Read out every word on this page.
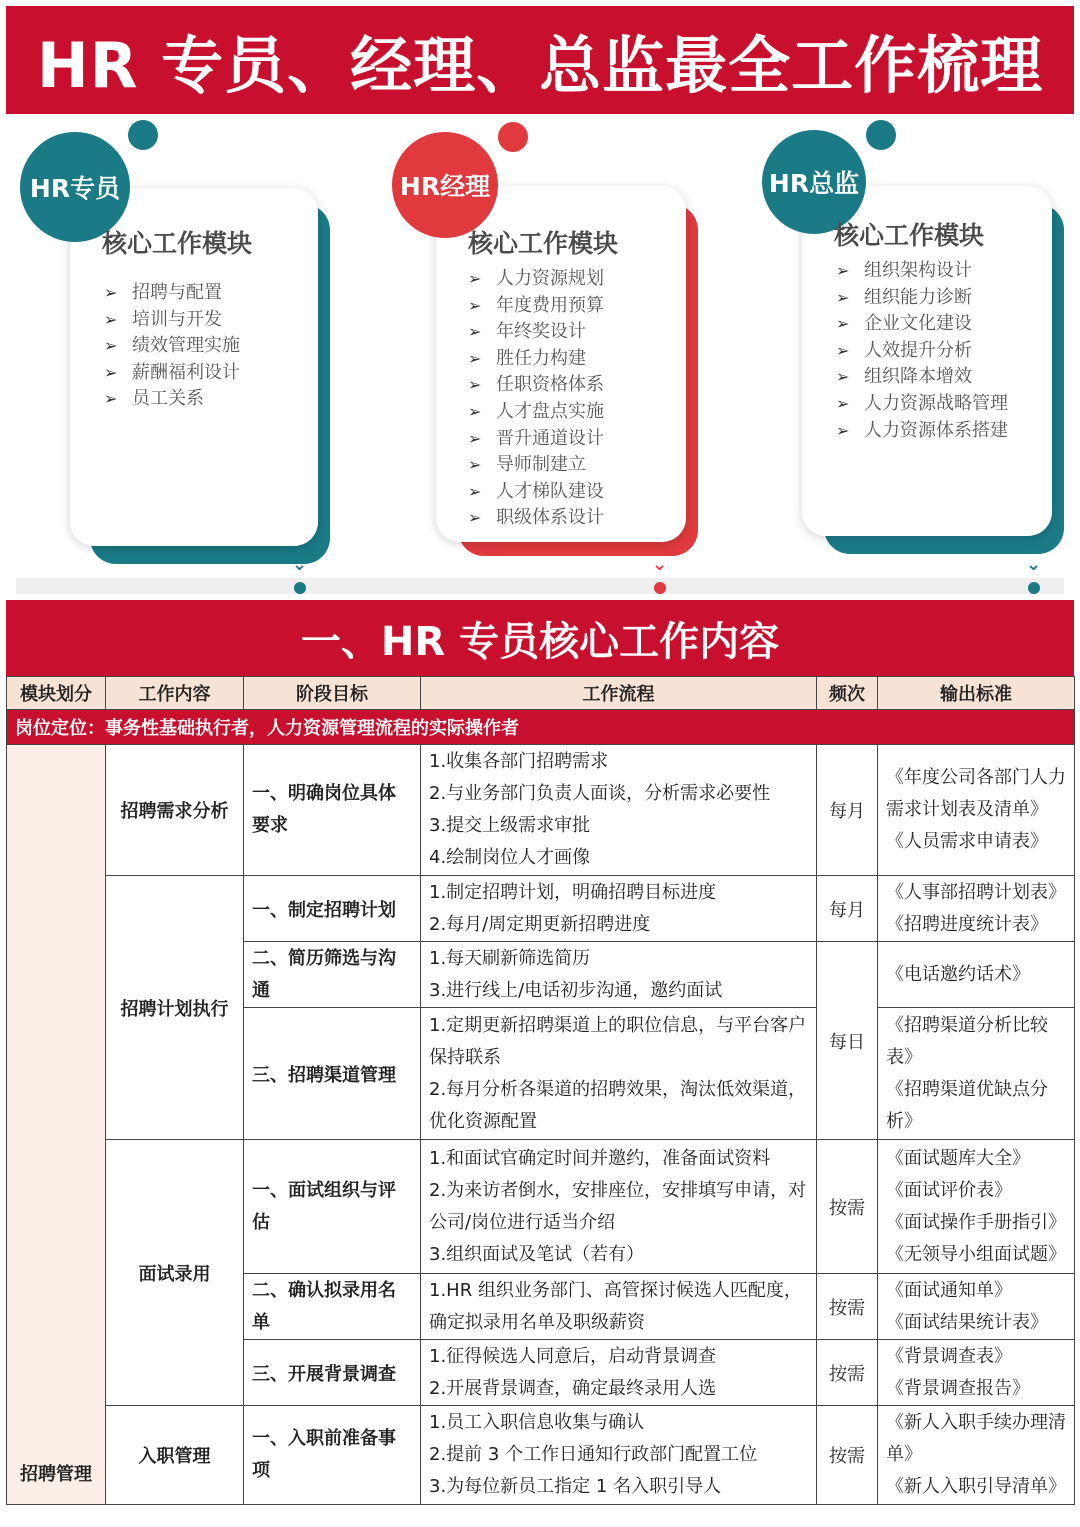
HR 专员、经理、总监最全工作梳理
HR专员
核心工作模块
➢ 招聘与配置
➢ 培训与开发
➢ 绩效管理实施
➢ 薪酬福利设计
➢ 员工关系
⌄
HR经理
核心工作模块
➢ 人力资源规划
➢ 年度费用预算
➢ 年终奖设计
➢ 胜任力构建
➢ 任职资格体系
➢ 人才盘点实施
➢ 晋升通道设计
➢ 导师制建立
➢ 人才梯队建设
➢ 职级体系设计
⌄
HR总监
核心工作模块
➢ 组织架构设计
➢ 组织能力诊断
➢ 企业文化建设
➢ 人效提升分析
➢ 组织降本增效
➢ 人力资源战略管理
➢ 人力资源体系搭建
⌄
一、HR 专员核心工作内容
模块划分	工作内容	阶段目标	工作流程	频次	输出标准
岗位定位：事务性基础执行者，人力资源管理流程的实际操作者					
招聘管理	招聘需求分析	一、明确岗位具体要求	1.收集各部门招聘需求
2.与业务部门负责人面谈，分析需求必要性
3.提交上级需求审批
4.绘制岗位人才画像	每月	《年度公司各部门人力需求计划表及清单》
《人员需求申请表》

	招聘计划执行	一、制定招聘计划	1.制定招聘计划，明确招聘目标进度
2.每月/周定期更新招聘进度	每月	《人事部招聘计划表》
《招聘进度统计表》

		二、简历筛选与沟通	1.每天刷新筛选简历
3.进行线上/电话初步沟通，邀约面试	每日	《电话邀约话术》

		三、招聘渠道管理	1.定期更新招聘渠道上的职位信息，与平台客户保持联系
2.每月分析各渠道的招聘效果，淘汰低效渠道，优化资源配置		《招聘渠道分析比较表》
《招聘渠道优缺点分析》

	面试录用	一、面试组织与评估	1.和面试官确定时间并邀约，准备面试资料
2.为来访者倒水，安排座位，安排填写申请，对公司/岗位进行适当介绍
3.组织面试及笔试（若有）	按需	《面试题库大全》
《面试评价表》
《面试操作手册指引》
《无领导小组面试题》

		二、确认拟录用名单	1.HR 组织业务部门、高管探讨候选人匹配度，确定拟录用名单及职级薪资	按需	《面试通知单》
《面试结果统计表》

		三、开展背景调查	1.征得候选人同意后，启动背景调查
2.开展背景调查，确定最终录用人选	按需	《背景调查表》
《背景调查报告》

	入职管理	一、入职前准备事项	1.员工入职信息收集与确认
2.提前 3 个工作日通知行政部门配置工位
3.为每位新员工指定 1 名入职引导人	按需	《新人入职手续办理清单》
《新人入职引导清单》
